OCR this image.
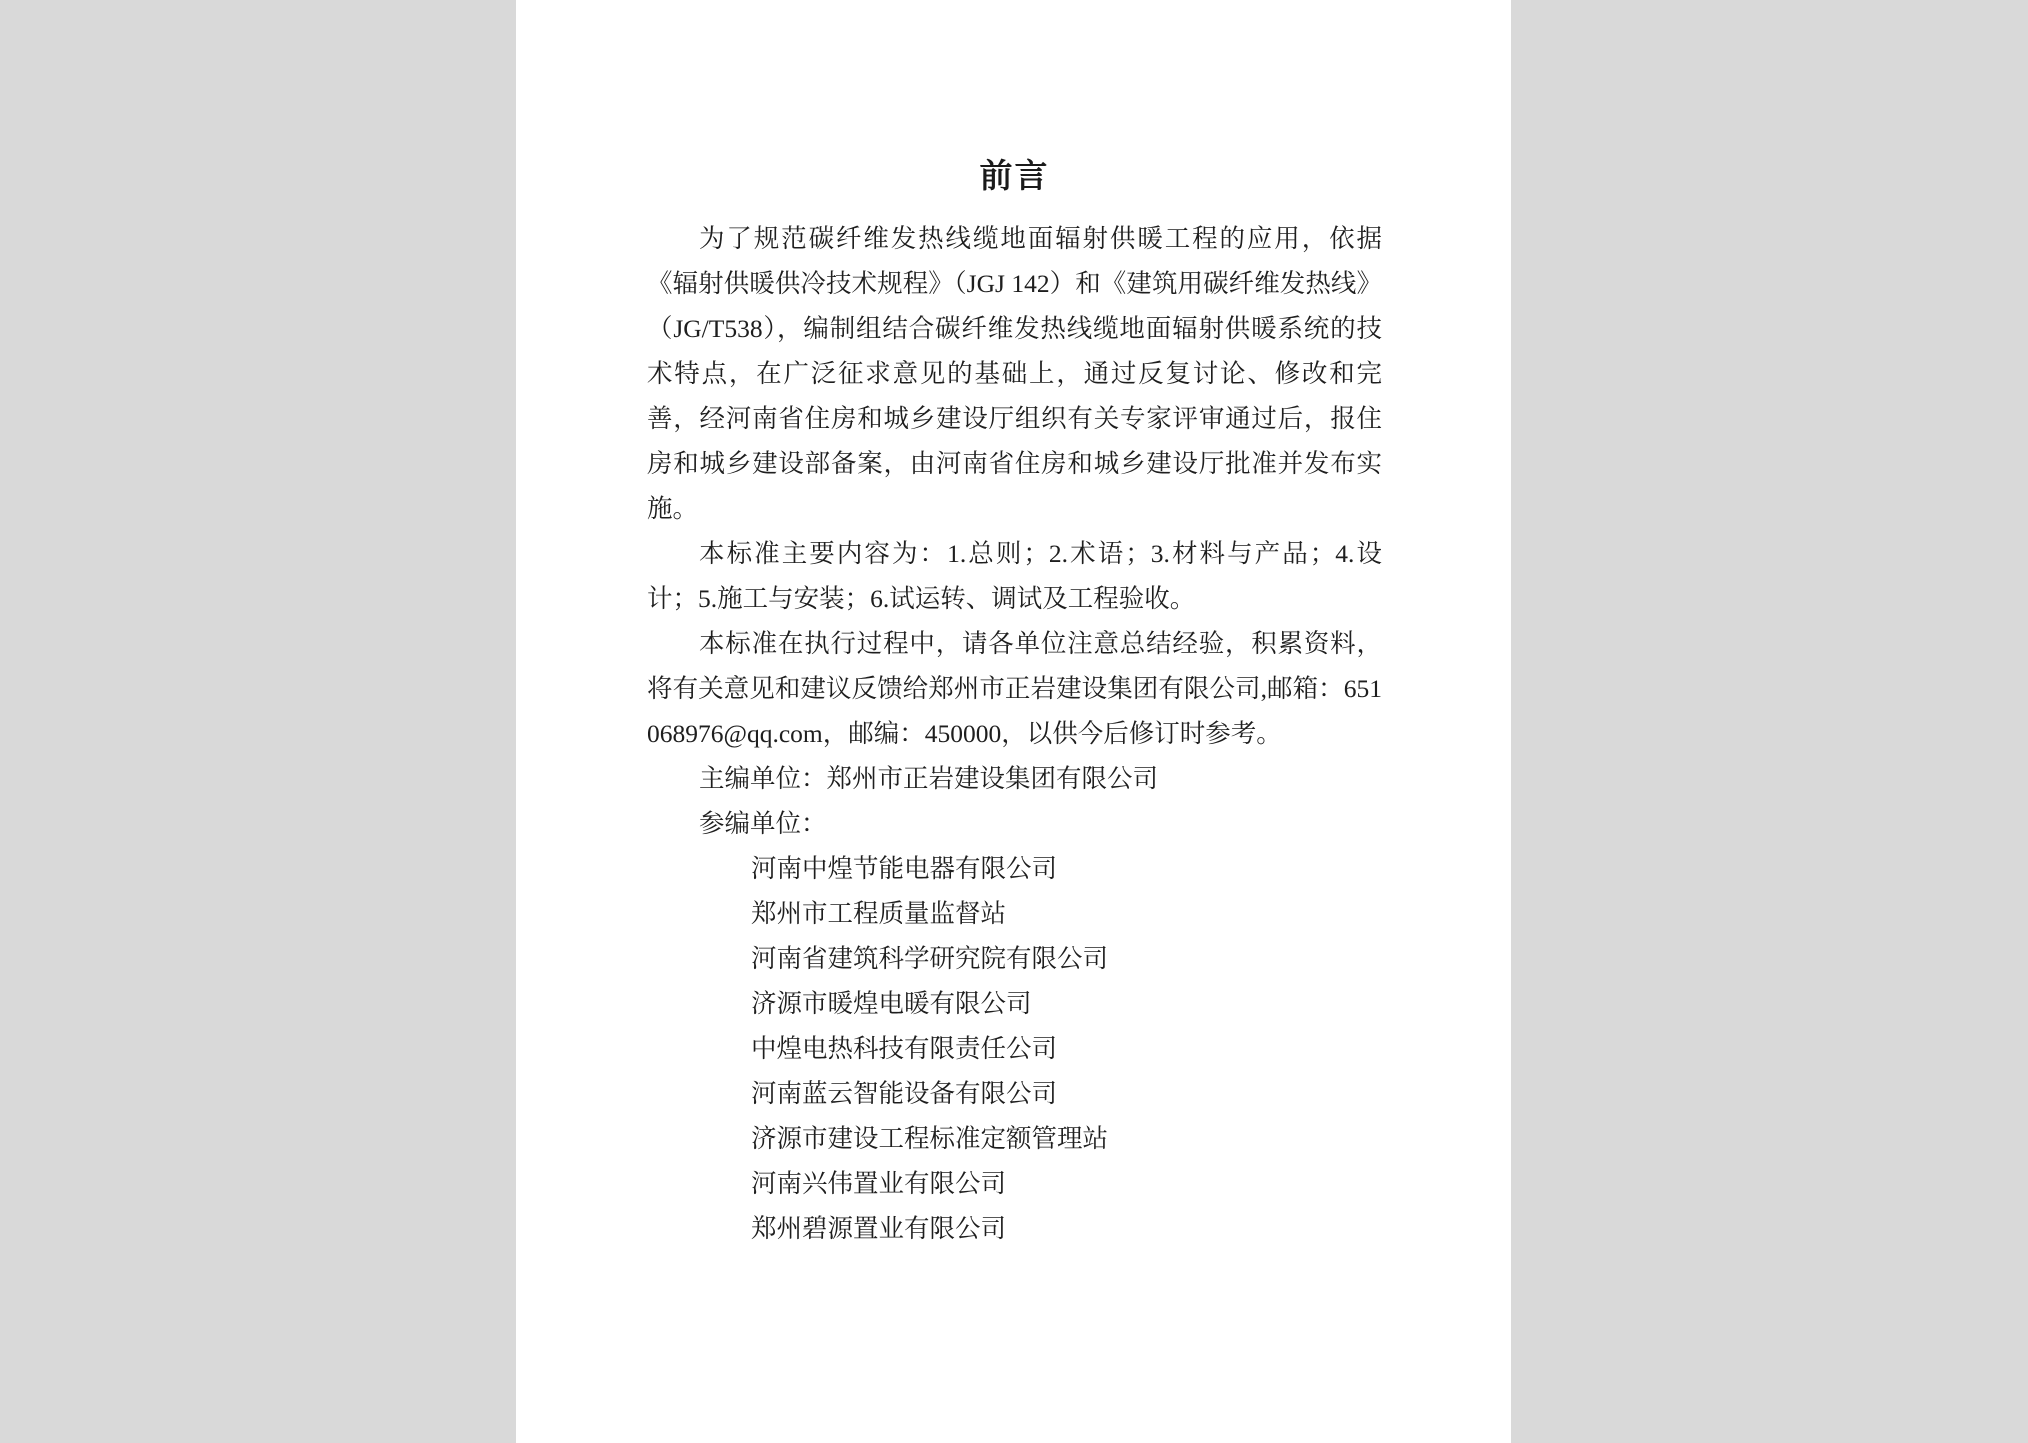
前言

为了规范碳纤维发热线缆地面辐射供暖工程的应用，依据《辐射供暖供冷技术规程》（JGJ 142）和《建筑用碳纤维发热线》（JG/T538），编制组结合碳纤维发热线缆地面辐射供暖系统的技术特点，在广泛征求意见的基础上，通过反复讨论、修改和完善，经河南省住房和城乡建设厅组织有关专家评审通过后，报住房和城乡建设部备案，由河南省住房和城乡建设厅批准并发布实施。

本标准主要内容为：1.总则；2.术语；3.材料与产品；4.设计；5.施工与安装；6.试运转、调试及工程验收。

本标准在执行过程中，请各单位注意总结经验，积累资料，将有关意见和建议反馈给郑州市正岩建设集团有限公司,邮箱：651068976@qq.com，邮编：450000，以供今后修订时参考。

主编单位：郑州市正岩建设集团有限公司

参编单位：

河南中煌节能电器有限公司
郑州市工程质量监督站
河南省建筑科学研究院有限公司
济源市暖煌电暖有限公司
中煌电热科技有限责任公司
河南蓝云智能设备有限公司
济源市建设工程标准定额管理站
河南兴伟置业有限公司
郑州碧源置业有限公司
